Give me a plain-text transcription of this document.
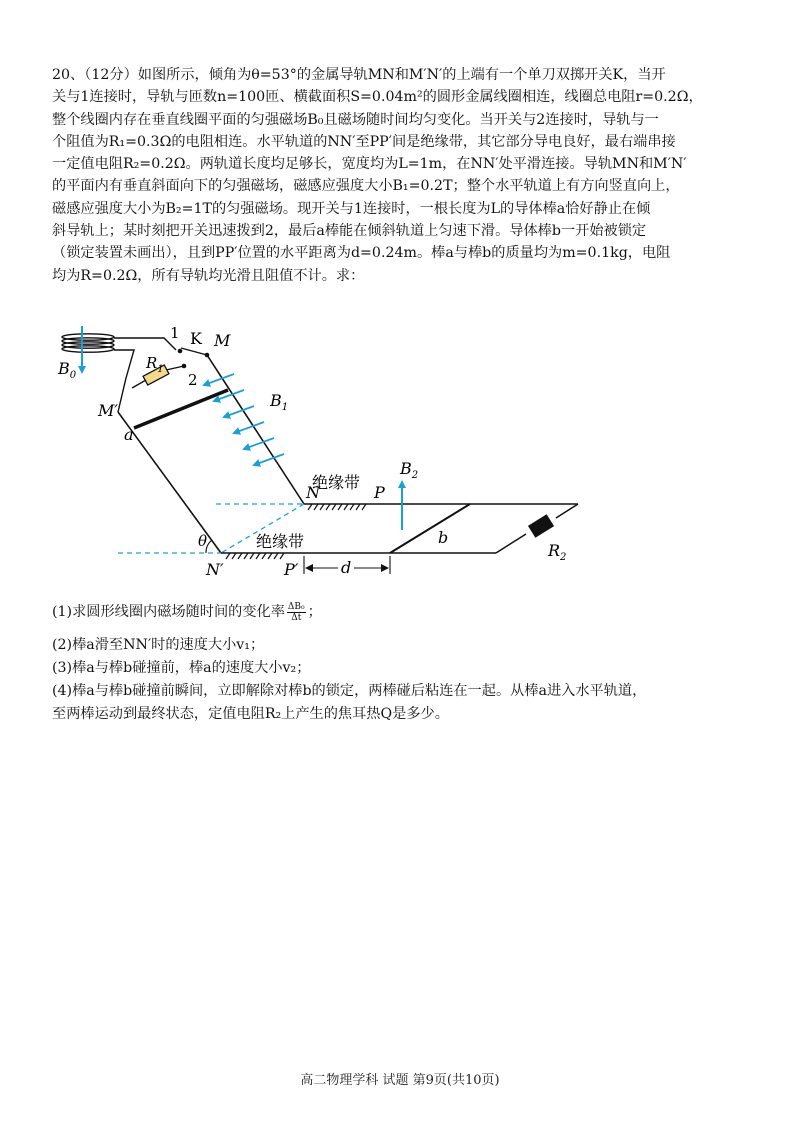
20、（12分）如图所示，倾角为θ=53°的金属导轨MN和M′N′的上端有一个单刀双掷开关K，当开

关与1连接时，导轨与匝数n=100匝、横截面积S=0.04m²的圆形金属线圈相连，线圈总电阻r=0.2Ω，

整个线圈内存在垂直线圈平面的匀强磁场B₀且磁场随时间均匀变化。当开关与2连接时，导轨与一

个阻值为R₁=0.3Ω的电阻相连。水平轨道的NN′至PP′间是绝缘带，其它部分导电良好，最右端串接

一定值电阻R₂=0.2Ω。两轨道长度均足够长，宽度均为L=1m，在NN′处平滑连接。导轨MN和M′N′

的平面内有垂直斜面向下的匀强磁场，磁感应强度大小B₁=0.2T；整个水平轨道上有方向竖直向上，

磁感应强度大小为B₂=1T的匀强磁场。现开关与1连接时，一根长度为L的导体棒a恰好静止在倾

斜导轨上；某时刻把开关迅速拨到2，最后a棒能在倾斜轨道上匀速下滑。导体棒b一开始被锁定

（锁定装置未画出），且到PP′位置的水平距离为d=0.24m。棒a与棒b的质量均为m=0.1kg，电阻

均为R=0.2Ω，所有导轨均光滑且阻值不计。求：

$B_0$
1 K M
2
$R_1$
M′
a
$B_1$
绝缘带
N	P
$B_2$
θ	绝缘带
N′	P′
b
$R_2$
d

(1)求圆形线圈内磁场随时间的变化率 $\frac{\text{ΔB₀}}{\Delta t}$ ；

(2)棒a滑至NN′时的速度大小v₁；

(3)棒a与棒b碰撞前，棒a的速度大小v₂；

(4)棒a与棒b碰撞前瞬间，立即解除对棒b的锁定，两棒碰后粘连在一起。从棒a进入水平轨道，

至两棒运动到最终状态，定值电阻R₂上产生的焦耳热Q是多少。

高二物理学科 试题 第9页(共10页)
